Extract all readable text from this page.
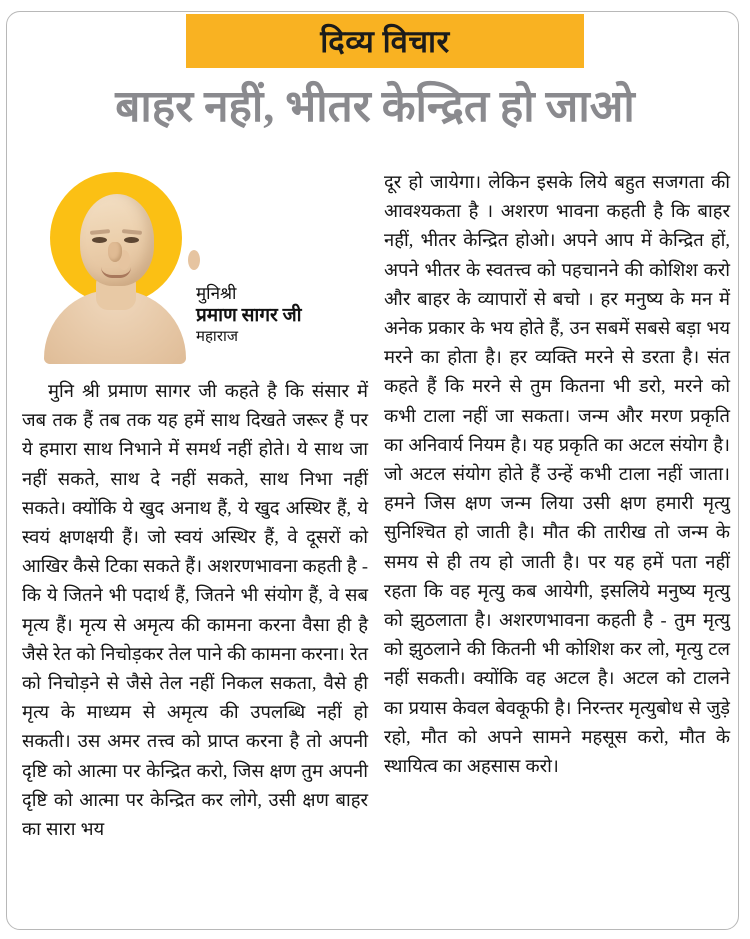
दिव्य विचार
बाहर नहीं, भीतर केन्द्रित हो जाओ
मुनिश्री
प्रमाण सागर जी
महाराज

मुनि श्री प्रमाण सागर जी कहते है कि संसार में जब तक हैं तब तक यह हमें साथ दिखते जरूर हैं पर ये हमारा साथ निभाने में समर्थ नहीं होते। ये साथ जा नहीं सकते, साथ दे नहीं सकते, साथ निभा नहीं सकते। क्योंकि ये खुद अनाथ हैं, ये खुद अस्थिर हैं, ये स्वयं क्षणक्षयी हैं। जो स्वयं अस्थिर हैं, वे दूसरों को आखिर कैसे टिका सकते हैं। अशरणभावना कहती है - कि ये जितने भी पदार्थ हैं, जितने भी संयोग हैं, वे सब मृत्य हैं। मृत्य से अमृत्य की कामना करना वैसा ही है जैसे रेत को निचोड़कर तेल पाने की कामना करना। रेत को निचोड़ने से जैसे तेल नहीं निकल सकता, वैसे ही मृत्य के माध्यम से अमृत्य की उपलब्धि नहीं हो सकती। उस अमर तत्त्व को प्राप्त करना है तो अपनी दृष्टि को आत्मा पर केन्द्रित करो, जिस क्षण तुम अपनी दृष्टि को आत्मा पर केन्द्रित कर लोगे, उसी क्षण बाहर का सारा भय

दूर हो जायेगा। लेकिन इसके लिये बहुत सजगता की आवश्यकता है । अशरण भावना कहती है कि बाहर नहीं, भीतर केन्द्रित होओ। अपने आप में केन्द्रित हों, अपने भीतर के स्वतत्त्व को पहचानने की कोशिश करो और बाहर के व्यापारों से बचो । हर मनुष्य के मन में अनेक प्रकार के भय होते हैं, उन सबमें सबसे बड़ा भय मरने का होता है। हर व्यक्ति मरने से डरता है। संत कहते हैं कि मरने से तुम कितना भी डरो, मरने को कभी टाला नहीं जा सकता। जन्म और मरण प्रकृति का अनिवार्य नियम है। यह प्रकृति का अटल संयोग है। जो अटल संयोग होते हैं उन्हें कभी टाला नहीं जाता। हमने जिस क्षण जन्म लिया उसी क्षण हमारी मृत्यु सुनिश्चित हो जाती है। मौत की तारीख तो जन्म के समय से ही तय हो जाती है। पर यह हमें पता नहीं रहता कि वह मृत्यु कब आयेगी, इसलिये मनुष्य मृत्यु को झुठलाता है। अशरणभावना कहती है - तुम मृत्यु को झुठलाने की कितनी भी कोशिश कर लो, मृत्यु टल नहीं सकती। क्योंकि वह अटल है। अटल को टालने का प्रयास केवल बेवकूफी है। निरन्तर मृत्युबोध से जुड़े रहो, मौत को अपने सामने महसूस करो, मौत के स्थायित्व का अहसास करो।
